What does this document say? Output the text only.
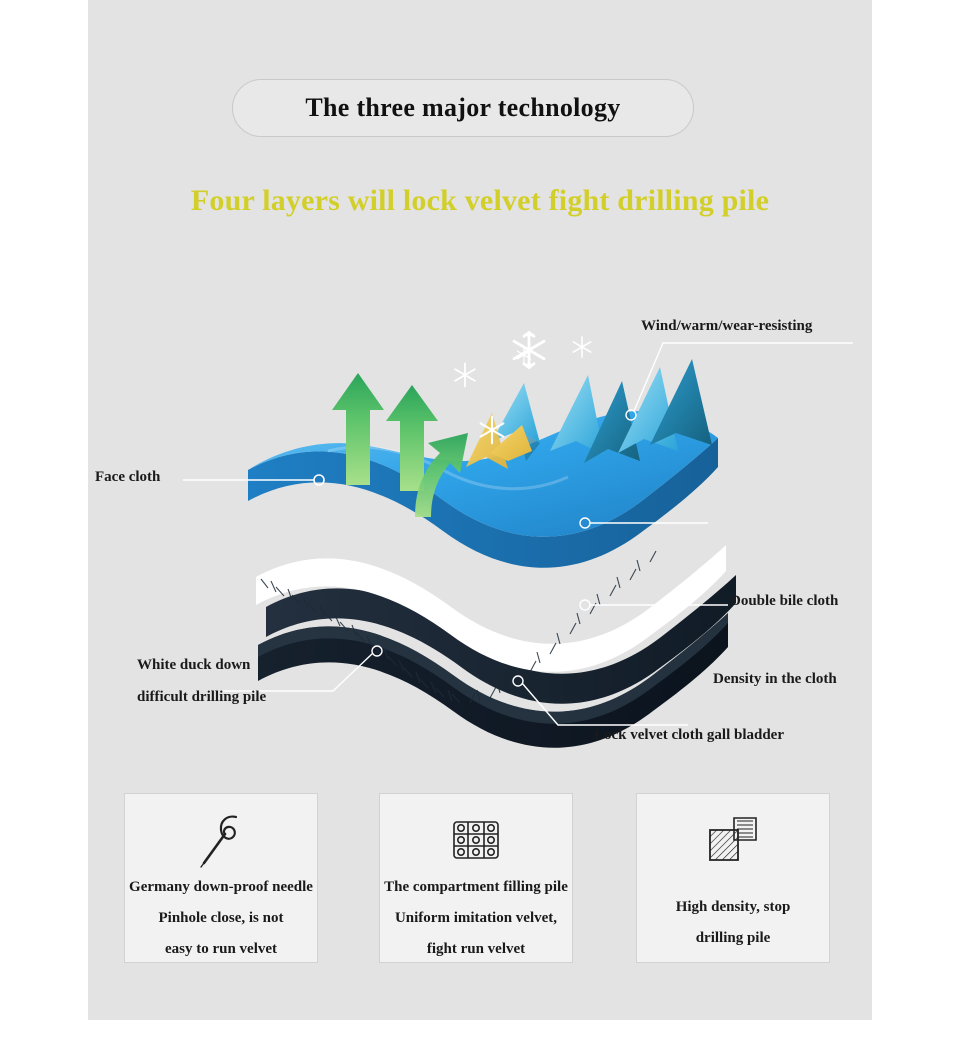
The three major technology
Four layers will lock velvet fight drilling pile
Face cloth
Wind/warm/wear-resisting
Double bile cloth
Density in the cloth
White duck down
difficult drilling pile
Lock velvet cloth gall bladder
Germany down-proof needle
Pinhole close, is not
easy to run velvet
The compartment filling pile
Uniform imitation velvet,
fight run velvet
High density, stop
drilling pile
